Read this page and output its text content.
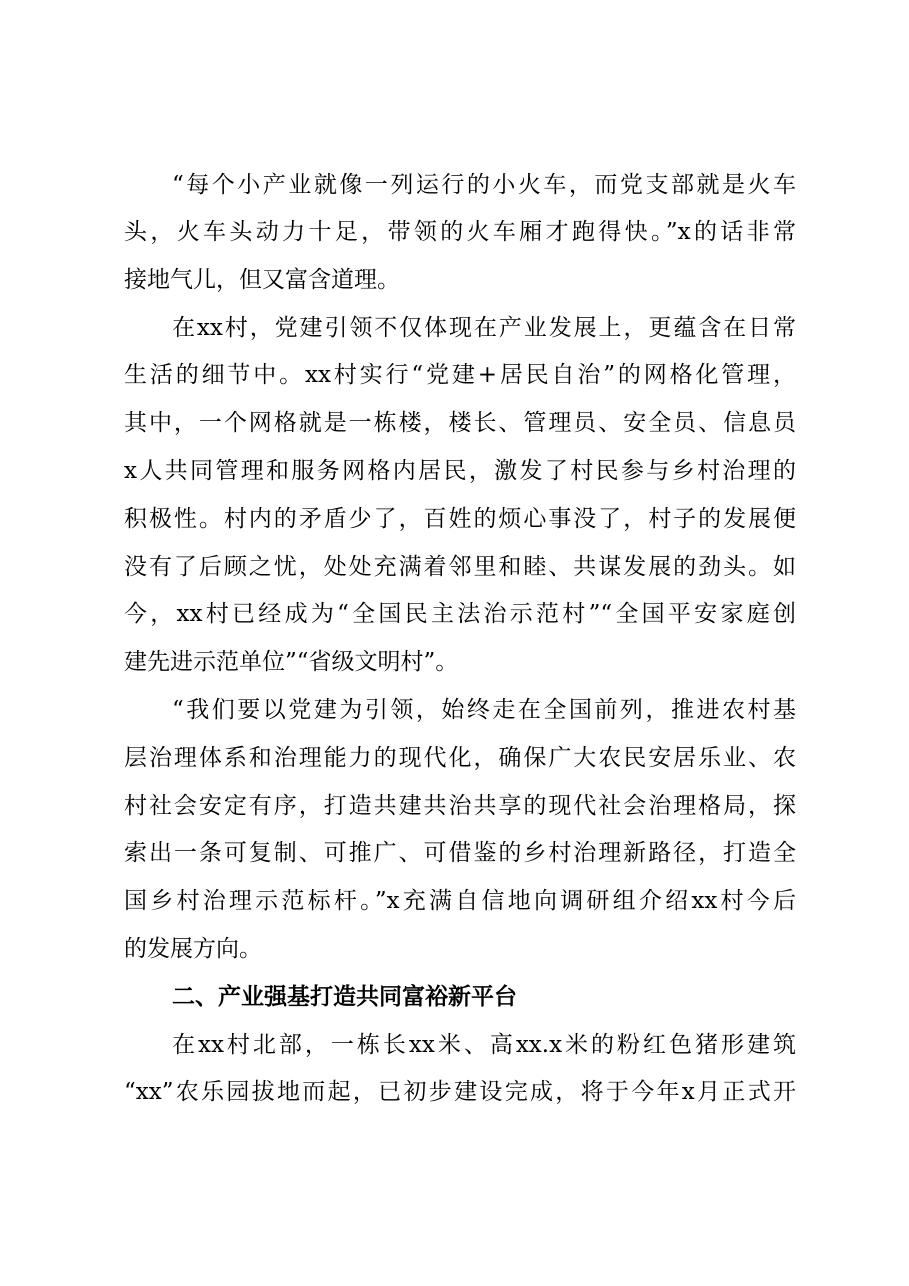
“每个小产业就像一列运行的小火车，而党支部就是火车
头，火车头动力十足，带领的火车厢才跑得快。”x的话非常
接地气儿，但又富含道理。
在xx村，党建引领不仅体现在产业发展上，更蕴含在日常
生活的细节中。xx村实行“党建+居民自治”的网格化管理，
其中，一个网格就是一栋楼，楼长、管理员、安全员、信息员
x人共同管理和服务网格内居民，激发了村民参与乡村治理的
积极性。村内的矛盾少了，百姓的烦心事没了，村子的发展便
没有了后顾之忧，处处充满着邻里和睦、共谋发展的劲头。如
今，xx村已经成为“全国民主法治示范村”“全国平安家庭创
建先进示范单位”“省级文明村”。
“我们要以党建为引领，始终走在全国前列，推进农村基
层治理体系和治理能力的现代化，确保广大农民安居乐业、农
村社会安定有序，打造共建共治共享的现代社会治理格局，探
索出一条可复制、可推广、可借鉴的乡村治理新路径，打造全
国乡村治理示范标杆。”x充满自信地向调研组介绍xx村今后
的发展方向。
二、产业强基打造共同富裕新平台
在xx村北部，一栋长xx米、高xx.x米的粉红色猪形建筑
“xx”农乐园拔地而起，已初步建设完成，将于今年x月正式开
